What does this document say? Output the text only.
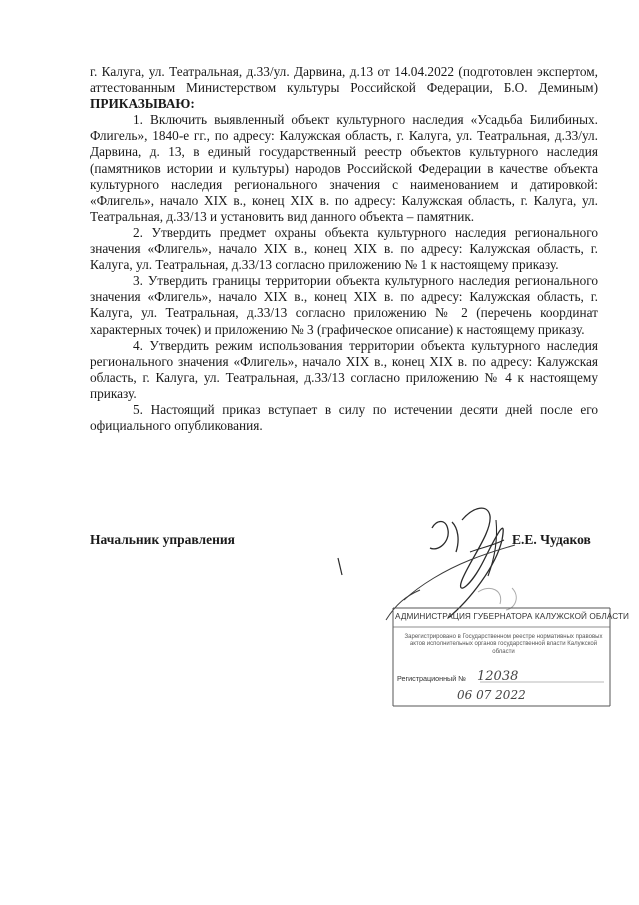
г. Калуга, ул. Театральная, д.33/ул. Дарвина, д.13 от 14.04.2022 (подготовлен экспертом, аттестованным Министерством культуры Российской Федерации, Б.О. Деминым) ПРИКАЗЫВАЮ:

1. Включить выявленный объект культурного наследия «Усадьба Билибиных. Флигель», 1840-е гг., по адресу: Калужская область, г. Калуга, ул. Театральная, д.33/ул. Дарвина, д. 13, в единый государственный реестр объектов культурного наследия (памятников истории и культуры) народов Российской Федерации в качестве объекта культурного наследия регионального значения с наименованием и датировкой: «Флигель», начало XIX в., конец XIX в. по адресу: Калужская область, г. Калуга, ул. Театральная, д.33/13 и установить вид данного объекта – памятник.

2. Утвердить предмет охраны объекта культурного наследия регионального значения «Флигель», начало XIX в., конец XIX в. по адресу: Калужская область, г. Калуга, ул. Театральная, д.33/13 согласно приложению № 1 к настоящему приказу.

3. Утвердить границы территории объекта культурного наследия регионального значения «Флигель», начало XIX в., конец XIX в. по адресу: Калужская область, г. Калуга, ул. Театральная, д.33/13 согласно приложению № 2 (перечень координат характерных точек) и приложению № 3 (графическое описание) к настоящему приказу.

4. Утвердить режим использования территории объекта культурного наследия регионального значения «Флигель», начало XIX в., конец XIX в. по адресу: Калужская область, г. Калуга, ул. Театральная, д.33/13 согласно приложению № 4 к настоящему приказу.

5. Настоящий приказ вступает в силу по истечении десяти дней после его официального опубликования.

Начальник управления	Е.Е. Чудаков
АДМИНИСТРАЦИЯ ГУБЕРНАТОРА КАЛУЖСКОЙ ОБЛАСТИ
Зарегистрировано в Государственном реестре нормативных правовых актов исполнительных органов государственной власти Калужской области
Регистрационный № 12038
06 07 2022
